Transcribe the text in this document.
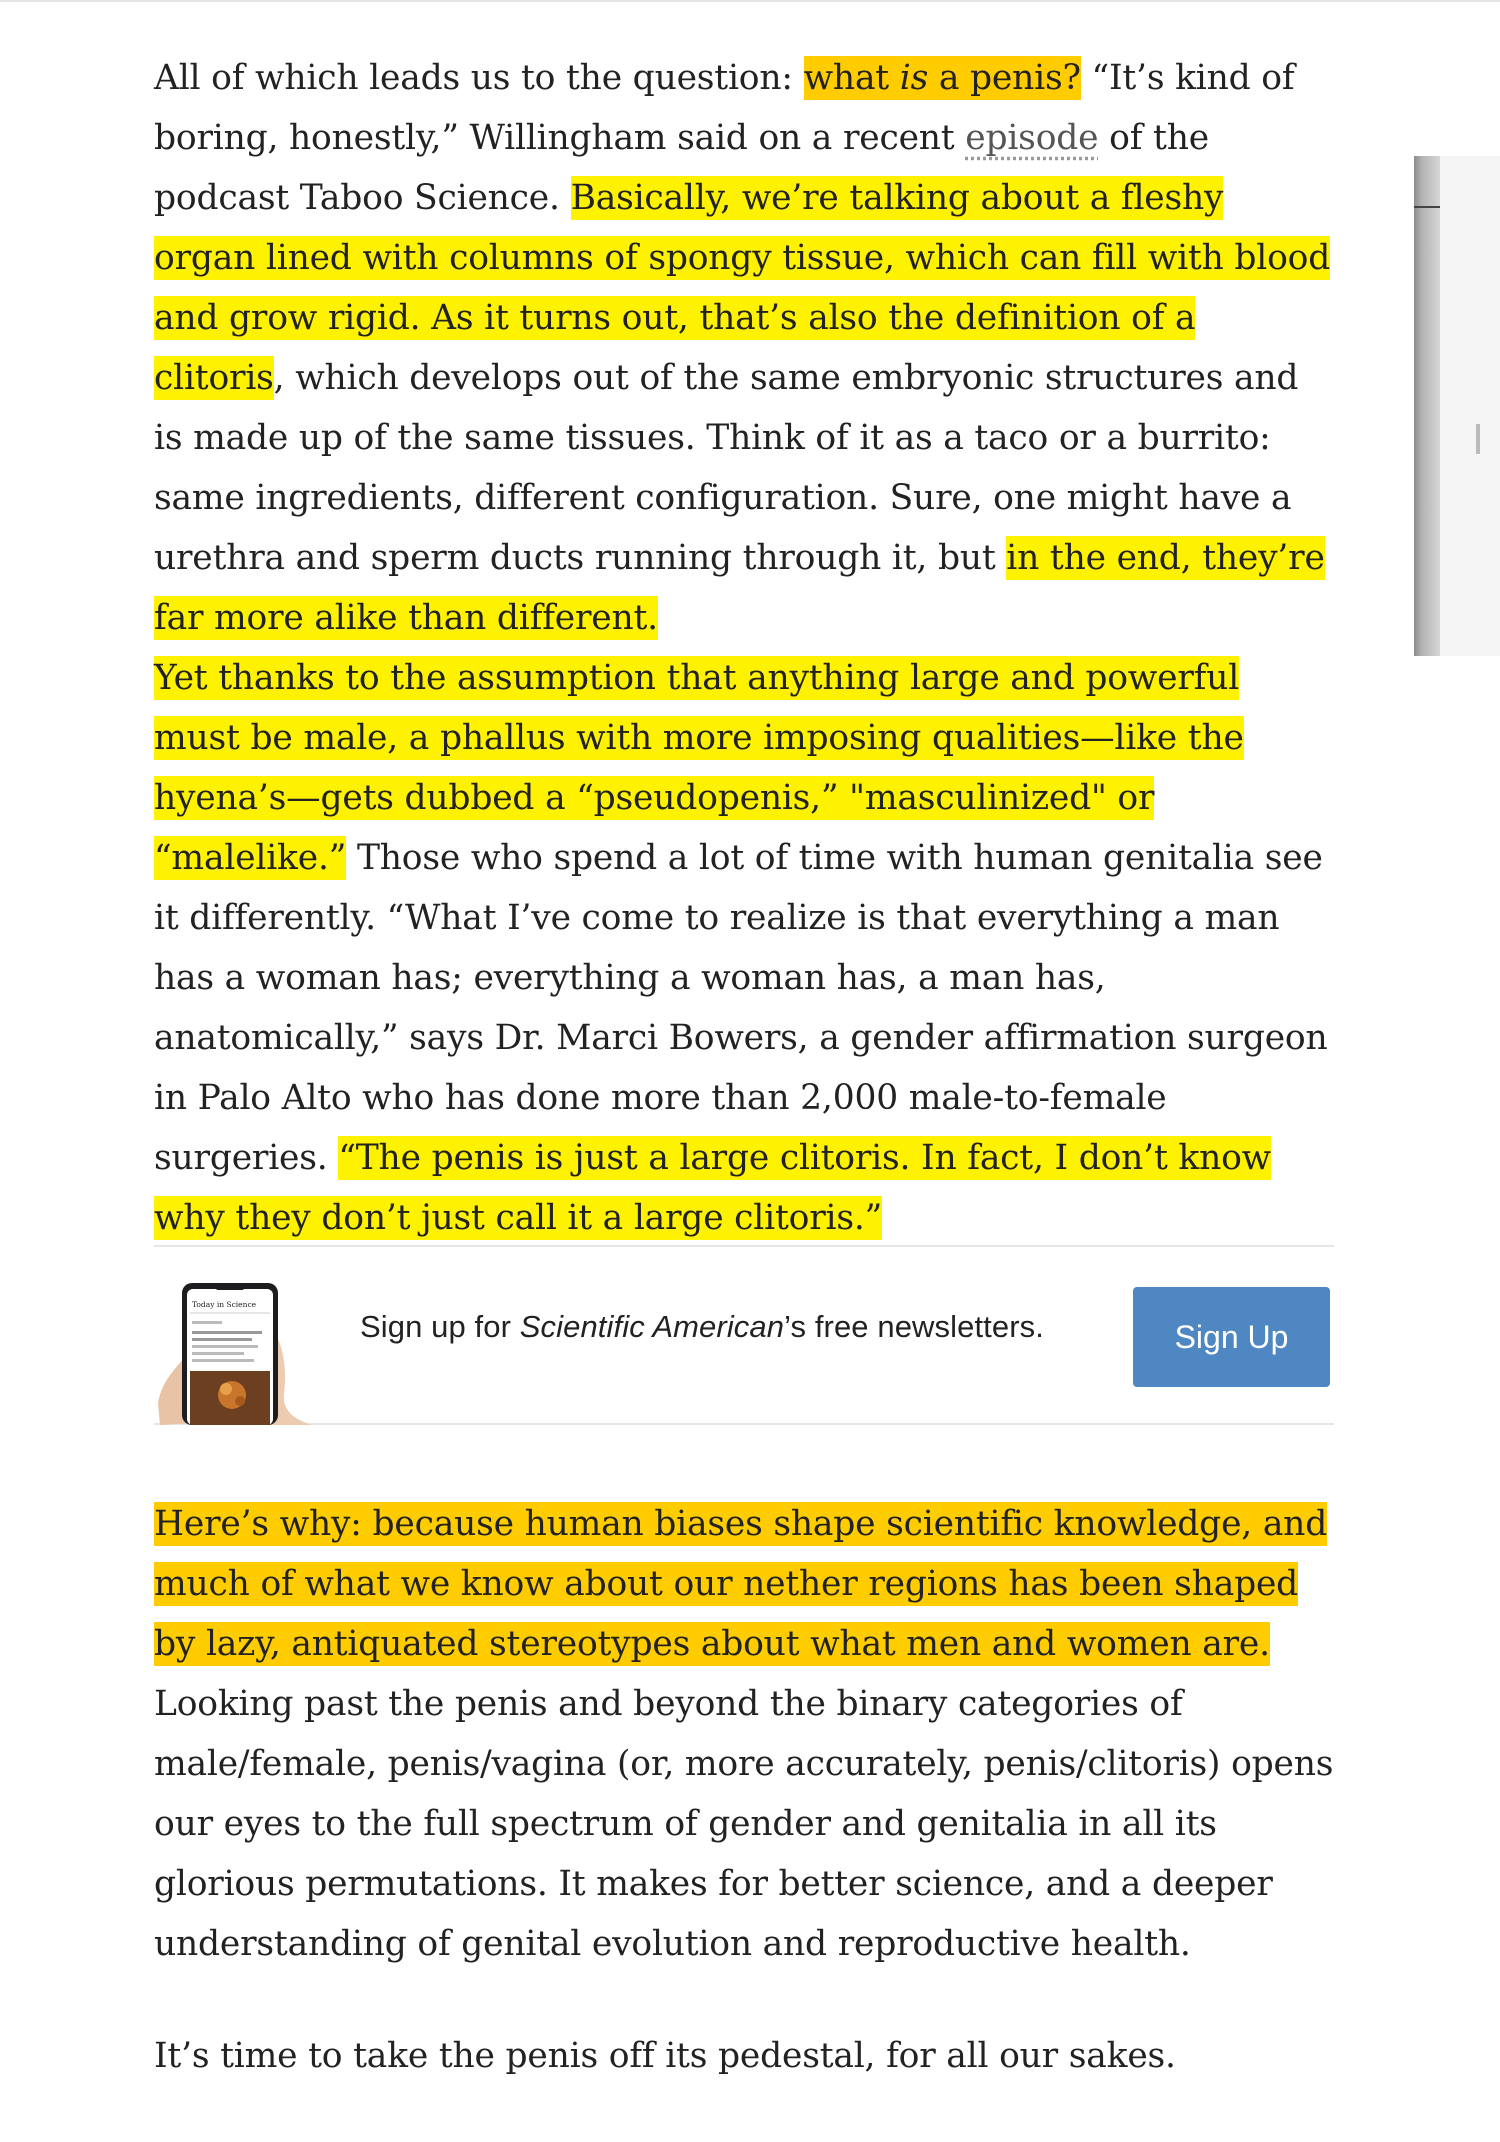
All of which leads us to the question: what is a penis? “It’s kind of boring, honestly,” Willingham said on a recent episode of the podcast Taboo Science. Basically, we’re talking about a fleshy organ lined with columns of spongy tissue, which can fill with blood and grow rigid. As it turns out, that’s also the definition of a clitoris, which develops out of the same embryonic structures and is made up of the same tissues. Think of it as a taco or a burrito: same ingredients, different configuration. Sure, one might have a urethra and sperm ducts running through it, but in the end, they’re far more alike than different.

Yet thanks to the assumption that anything large and powerful must be male, a phallus with more imposing qualities—like the hyena’s—gets dubbed a “pseudopenis,” "masculinized" or “malelike.” Those who spend a lot of time with human genitalia see it differently. “What I’ve come to realize is that everything a man has a woman has; everything a woman has, a man has, anatomically,” says Dr. Marci Bowers, a gender affirmation surgeon in Palo Alto who has done more than 2,000 male-to-female surgeries. “The penis is just a large clitoris. In fact, I don’t know why they don’t just call it a large clitoris.”

Here’s why: because human biases shape scientific knowledge, and much of what we know about our nether regions has been shaped by lazy, antiquated stereotypes about what men and women are. Looking past the penis and beyond the binary categories of male/female, penis/vagina (or, more accurately, penis/clitoris) opens our eyes to the full spectrum of gender and genitalia in all its glorious permutations. It makes for better science, and a deeper understanding of genital evolution and reproductive health.

It’s time to take the penis off its pedestal, for all our sakes.

Today in Science
Sign up for Scientific American’s free newsletters.	Sign Up
